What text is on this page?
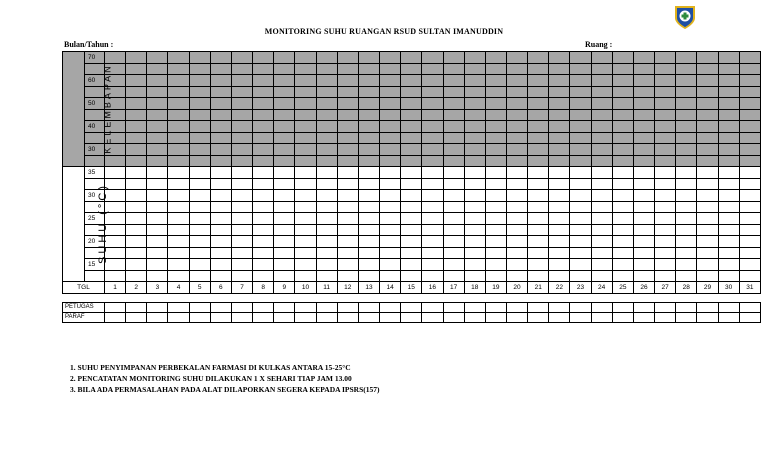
MONITORING SUHU RUANGAN RSUD SULTAN IMANUDDIN
Bulan/Tahun :	Ruang :
KELEMBAPAN	70																															

	60																															

	50																															

	40																															

	30																															

SUHU (°C)	35																															

	30																															

	25																															

	20																															

	15																															

TGL		1	2	3	4	5	6	7	8	9	10	11	12	13	14	15	16	17	18	19	20	21	22	23	24	25	26	27	28	29	30	31
PETUGAS																															
PARAF																															
1. SUHU PENYIMPANAN PERBEKALAN FARMASI DI KULKAS ANTARA 15-25°C
2. PENCATATAN MONITORING SUHU DILAKUKAN 1 X SEHARI TIAP JAM 13.00
3. BILA ADA PERMASALAHAN PADA ALAT DILAPORKAN SEGERA KEPADA IPSRS(157)
